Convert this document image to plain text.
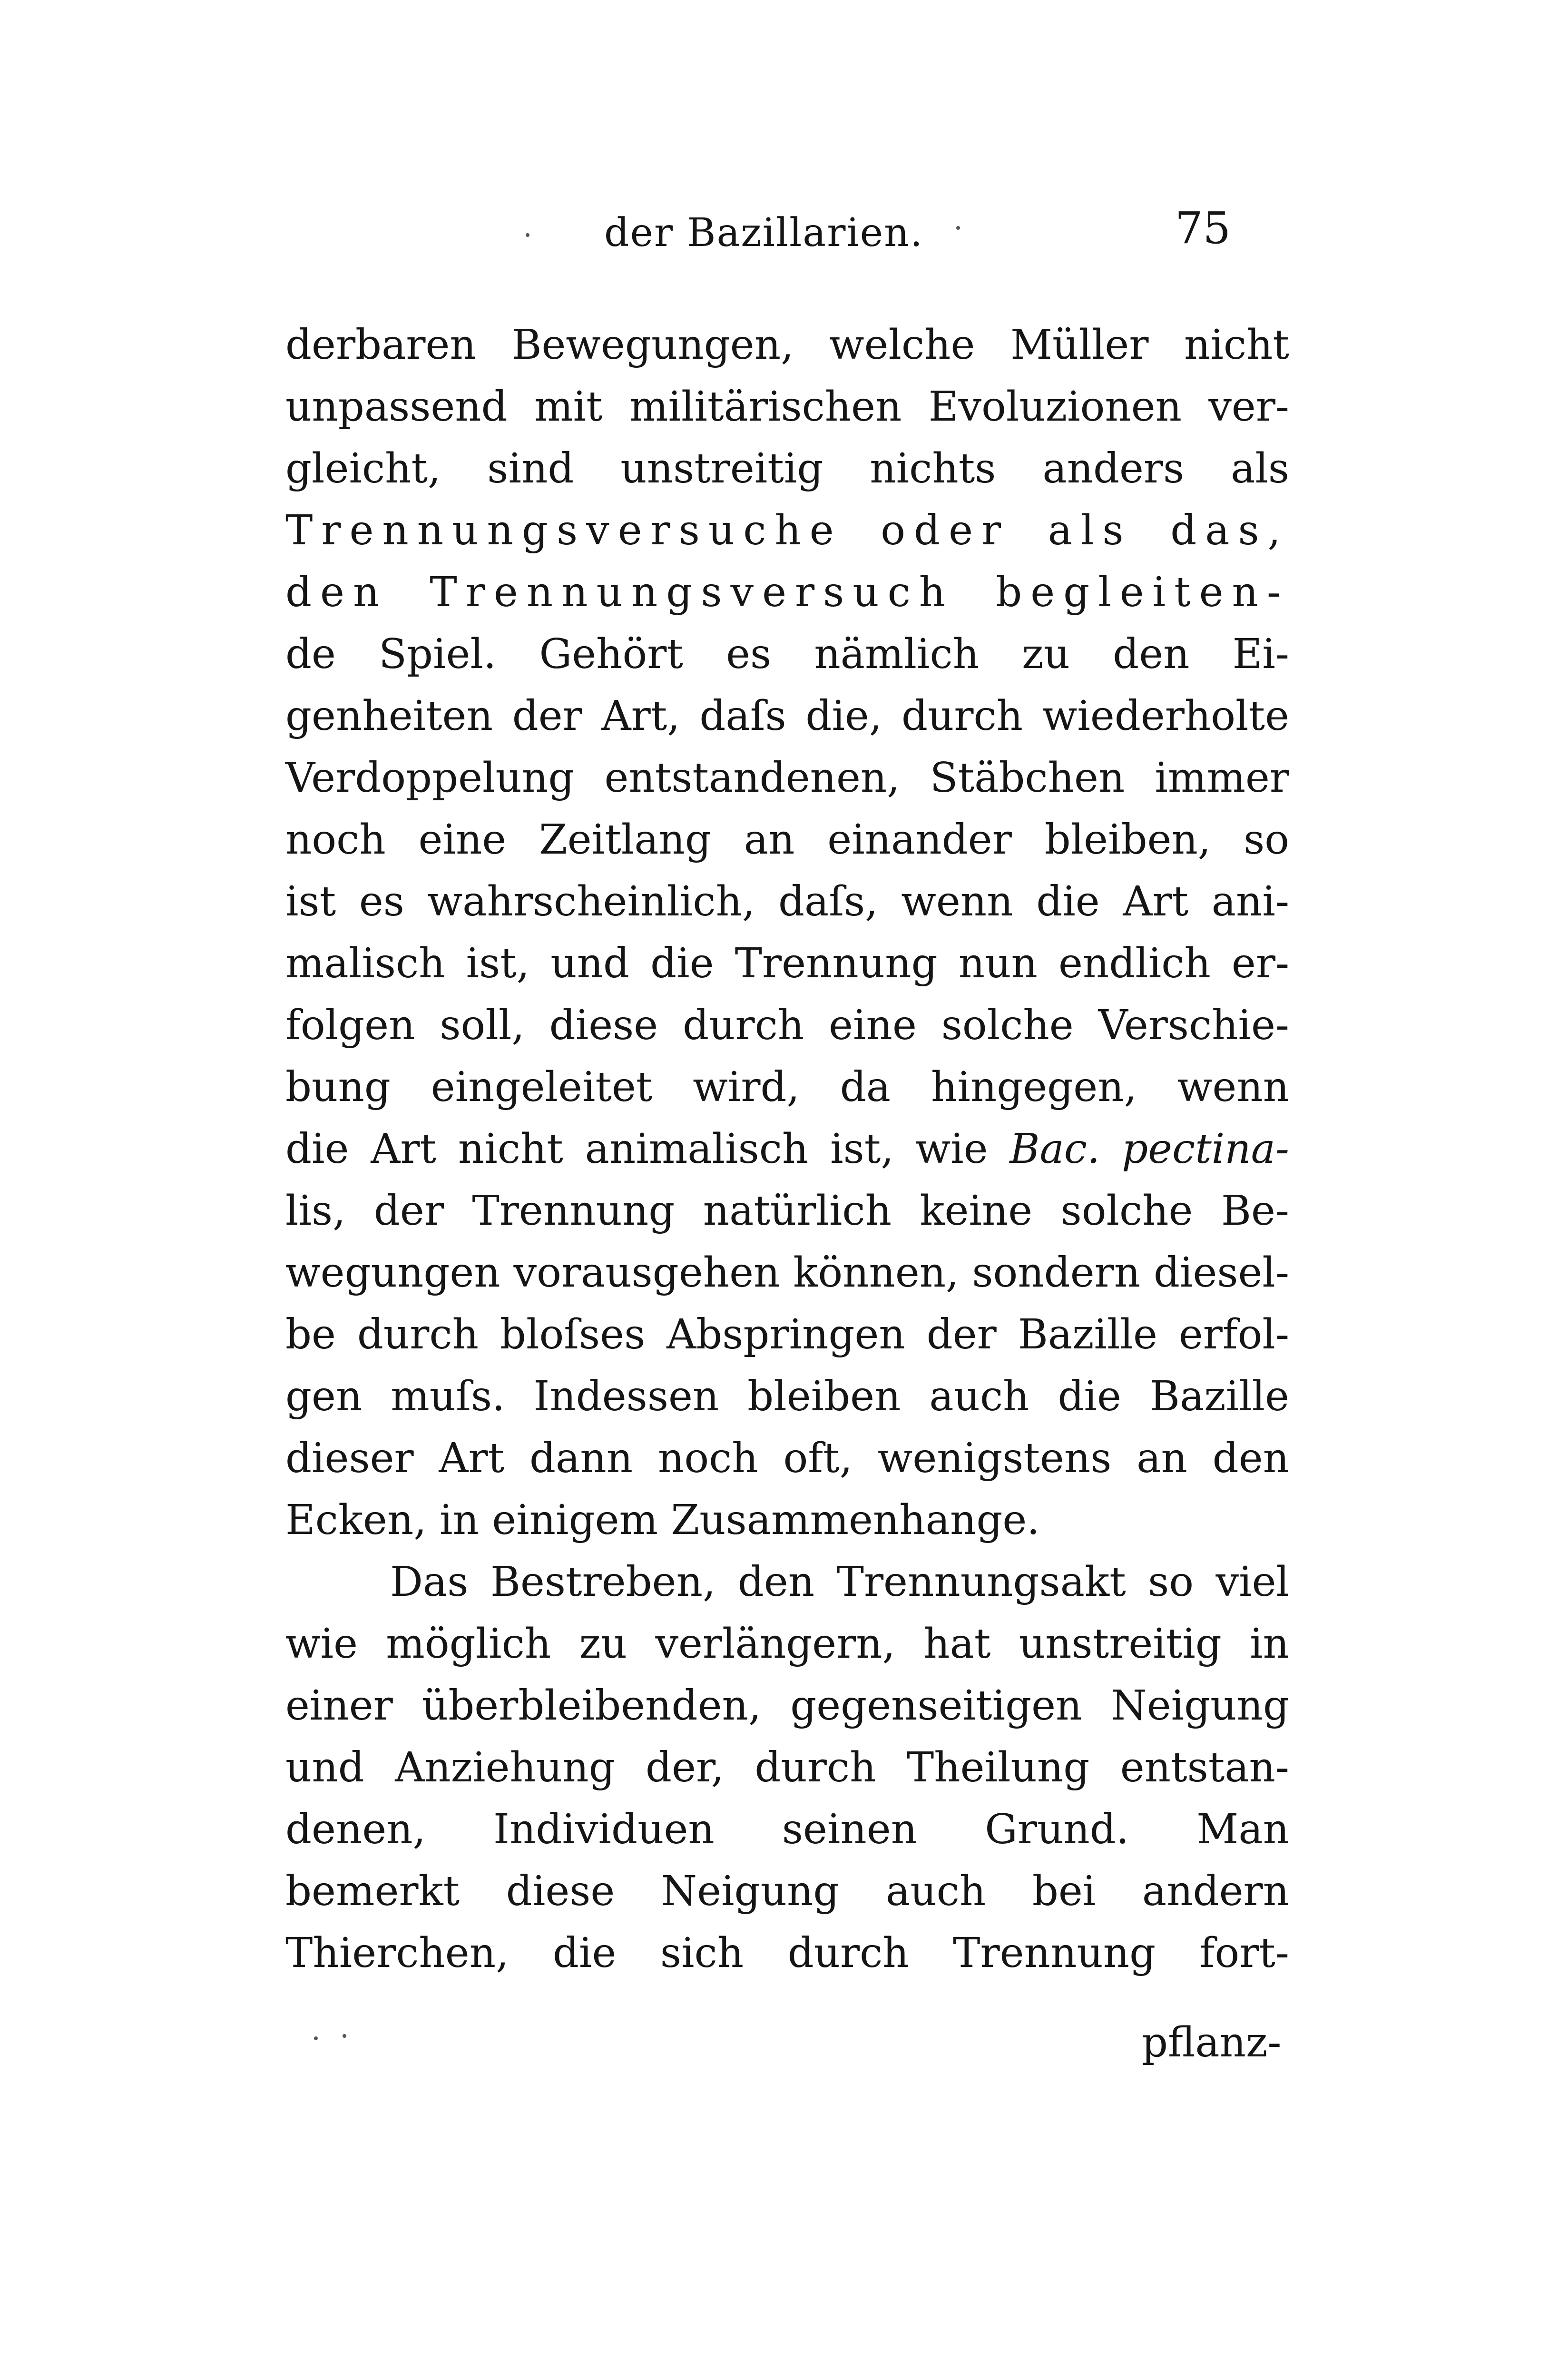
der Bazillarien.	75
derbaren Bewegungen, welche Müller nicht
unpassend mit militärischen Evoluzionen ver-
gleicht, sind unstreitig nichts anders als
Trennungsversuche oder als das,
den Trennungsversuch begleiten-
de Spiel. Gehört es nämlich zu den Ei-
genheiten der Art, daſs die, durch wiederholte
Verdoppelung entstandenen, Stäbchen immer
noch eine Zeitlang an einander bleiben, so
ist es wahrscheinlich, daſs, wenn die Art ani-
malisch ist, und die Trennung nun endlich er-
folgen soll, diese durch eine solche Verschie-
bung eingeleitet wird, da hingegen, wenn
die Art nicht animalisch ist, wie Bac. pectina-
lis, der Trennung natürlich keine solche Be-
wegungen vorausgehen können, sondern diesel-
be durch bloſses Abspringen der Bazille erfol-
gen muſs. Indessen bleiben auch die Bazille
dieser Art dann noch oft, wenigstens an den
Ecken, in einigem Zusammenhange.
Das Bestreben, den Trennungsakt so viel
wie möglich zu verlängern, hat unstreitig in
einer überbleibenden, gegenseitigen Neigung
und Anziehung der, durch Theilung entstan-
denen, Individuen seinen Grund. Man
bemerkt diese Neigung auch bei andern
Thierchen, die sich durch Trennung fort-
pflanz-
